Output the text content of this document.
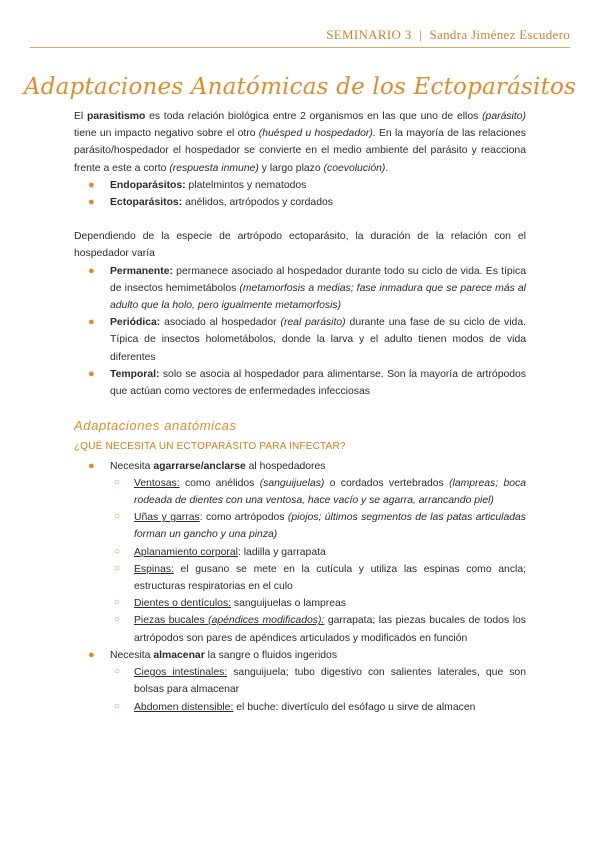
SEMINARIO 3 | Sandra Jiménez Escudero
Adaptaciones Anatómicas de los Ectoparásitos

El parasitismo es toda relación biológica entre 2 organismos en las que uno de ellos (parásito) tiene un impacto negativo sobre el otro (huésped u hospedador). En la mayoría de las relaciones parásito/hospedador el hospedador se convierte en el medio ambiente del parásito y reacciona frente a este a corto (respuesta inmune) y largo plazo (coevolución).

● Endoparásitos: platelmintos y nematodos
● Ectoparásitos: anélidos, artrópodos y cordados

Dependiendo de la especie de artrópodo ectoparásito, la duración de la relación con el hospedador varía

● Permanente: permanece asociado al hospedador durante todo su ciclo de vida. Es típica de insectos hemimetábolos (metamorfosis a medias; fase inmadura que se parece más al adulto que la holo, pero igualmente metamorfosis)
● Periódica: asociado al hospedador (real parásito) durante una fase de su ciclo de vida. Típica de insectos holometábolos, donde la larva y el adulto tienen modos de vida diferentes
● Temporal: solo se asocia al hospedador para alimentarse. Son la mayoría de artrópodos que actúan como vectores de enfermedades infecciosas
Adaptaciones anatómicas
¿QUÉ NECESITA UN ECTOPARÁSITO PARA INFECTAR?
● Necesita agarrarse/anclarse al hospedadores
○ Ventosas: como anélidos (sanguijuelas) o cordados vertebrados (lampreas; boca rodeada de dientes con una ventosa, hace vacío y se agarra, arrancando piel)
○ Uñas y garras: como artrópodos (piojos; últimos segmentos de las patas articuladas forman un gancho y una pinza)
○ Aplanamiento corporal: ladilla y garrapata
○ Espinas: el gusano se mete en la cutícula y utiliza las espinas como ancla; estructuras respiratorias en el culo
○ Dientes o dentículos: sanguijuelas o lampreas
○ Piezas bucales (apéndices modificados): garrapata; las piezas bucales de todos los artrópodos son pares de apéndices articulados y modificados en función
● Necesita almacenar la sangre o fluidos ingeridos
○ Ciegos intestinales: sanguijuela; tubo digestivo con salientes laterales, que son bolsas para almacenar
○ Abdomen distensible: el buche: divertículo del esófago u sirve de almacen
